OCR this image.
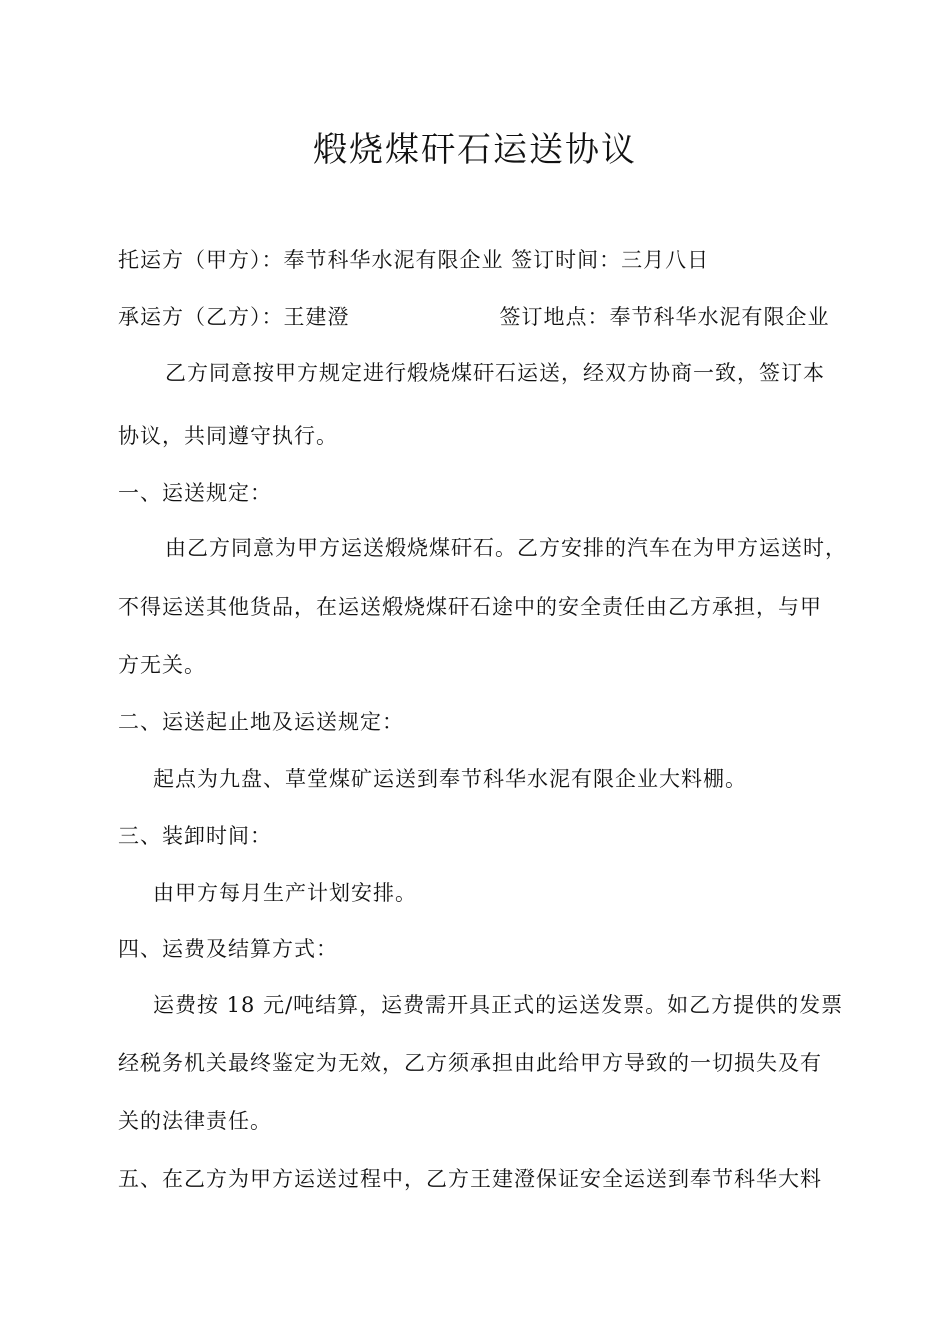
煅烧煤矸石运送协议
托运方（甲方）：奉节科华水泥有限企业 签订时间：三月八日
承运方（乙方）：王建澄	签订地点：奉节科华水泥有限企业
乙方同意按甲方规定进行煅烧煤矸石运送，经双方协商一致，签订本
协议，共同遵守执行。
一、运送规定：
由乙方同意为甲方运送煅烧煤矸石。乙方安排的汽车在为甲方运送时，
不得运送其他货品，在运送煅烧煤矸石途中的安全责任由乙方承担，与甲
方无关。
二、运送起止地及运送规定：
起点为九盘、草堂煤矿运送到奉节科华水泥有限企业大料棚。
三、装卸时间：
由甲方每月生产计划安排。
四、运费及结算方式：
运费按 18 元/吨结算，运费需开具正式的运送发票。如乙方提供的发票
经税务机关最终鉴定为无效，乙方须承担由此给甲方导致的一切损失及有
关的法律责任。
五、在乙方为甲方运送过程中，乙方王建澄保证安全运送到奉节科华大料
